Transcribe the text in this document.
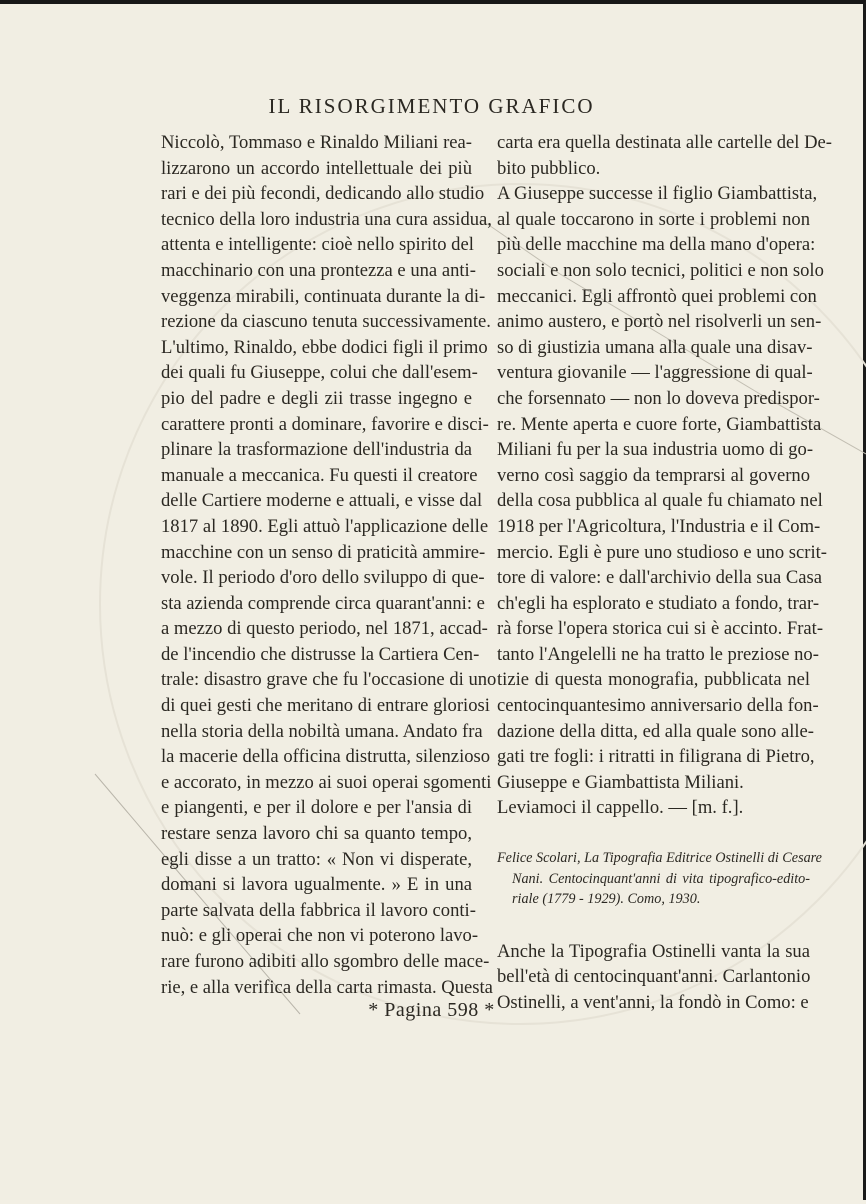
IL RISORGIMENTO GRAFICO
Niccolò, Tommaso e Rinaldo Miliani rea-
lizzarono un accordo intellettuale dei più
rari e dei più fecondi, dedicando allo studio
tecnico della loro industria una cura assidua,
attenta e intelligente: cioè nello spirito del
macchinario con una prontezza e una anti-
veggenza mirabili, continuata durante la di-
rezione da ciascuno tenuta successivamente.
L'ultimo, Rinaldo, ebbe dodici figli il primo
dei quali fu Giuseppe, colui che dall'esem-
pio del padre e degli zii trasse ingegno e
carattere pronti a dominare, favorire e disci-
plinare la trasformazione dell'industria da
manuale a meccanica. Fu questi il creatore
delle Cartiere moderne e attuali, e visse dal
1817 al 1890. Egli attuò l'applicazione delle
macchine con un senso di praticità ammire-
vole. Il periodo d'oro dello sviluppo di que-
sta azienda comprende circa quarant'anni: e
a mezzo di questo periodo, nel 1871, accad-
de l'incendio che distrusse la Cartiera Cen-
trale: disastro grave che fu l'occasione di uno
di quei gesti che meritano di entrare gloriosi
nella storia della nobiltà umana. Andato fra
la macerie della officina distrutta, silenzioso
e accorato, in mezzo ai suoi operai sgomenti
e piangenti, e per il dolore e per l'ansia di
restare senza lavoro chi sa quanto tempo,
egli disse a un tratto: « Non vi disperate,
domani si lavora ugualmente. » E in una
parte salvata della fabbrica il lavoro conti-
nuò: e gli operai che non vi poterono lavo-
rare furono adibiti allo sgombro delle mace-
rie, e alla verifica della carta rimasta. Questa
carta era quella destinata alle cartelle del De-
bito pubblico.
A Giuseppe successe il figlio Giambattista,
al quale toccarono in sorte i problemi non
più delle macchine ma della mano d'opera:
sociali e non solo tecnici, politici e non solo
meccanici. Egli affrontò quei problemi con
animo austero, e portò nel risolverli un sen-
so di giustizia umana alla quale una disav-
ventura giovanile — l'aggressione di qual-
che forsennato — non lo doveva predispor-
re. Mente aperta e cuore forte, Giambattista
Miliani fu per la sua industria uomo di go-
verno così saggio da temprarsi al governo
della cosa pubblica al quale fu chiamato nel
1918 per l'Agricoltura, l'Industria e il Com-
mercio. Egli è pure uno studioso e uno scrit-
tore di valore: e dall'archivio della sua Casa
ch'egli ha esplorato e studiato a fondo, trar-
rà forse l'opera storica cui si è accinto. Frat-
tanto l'Angelelli ne ha tratto le preziose no-
tizie di questa monografia, pubblicata nel
centocinquantesimo anniversario della fon-
dazione della ditta, ed alla quale sono alle-
gati tre fogli: i ritratti in filigrana di Pietro,
Giuseppe e Giambattista Miliani.
Leviamoci il cappello. — [m. f.].
Felice Scolari, La Tipografia Editrice Ostinelli di Cesare
Nani. Centocinquant'anni di vita tipografico-edito-
riale (1779 - 1929). Como, 1930.
Anche la Tipografia Ostinelli vanta la sua
bell'età di centocinquant'anni. Carlantonio
Ostinelli, a vent'anni, la fondò in Como: e
* Pagina 598 *
